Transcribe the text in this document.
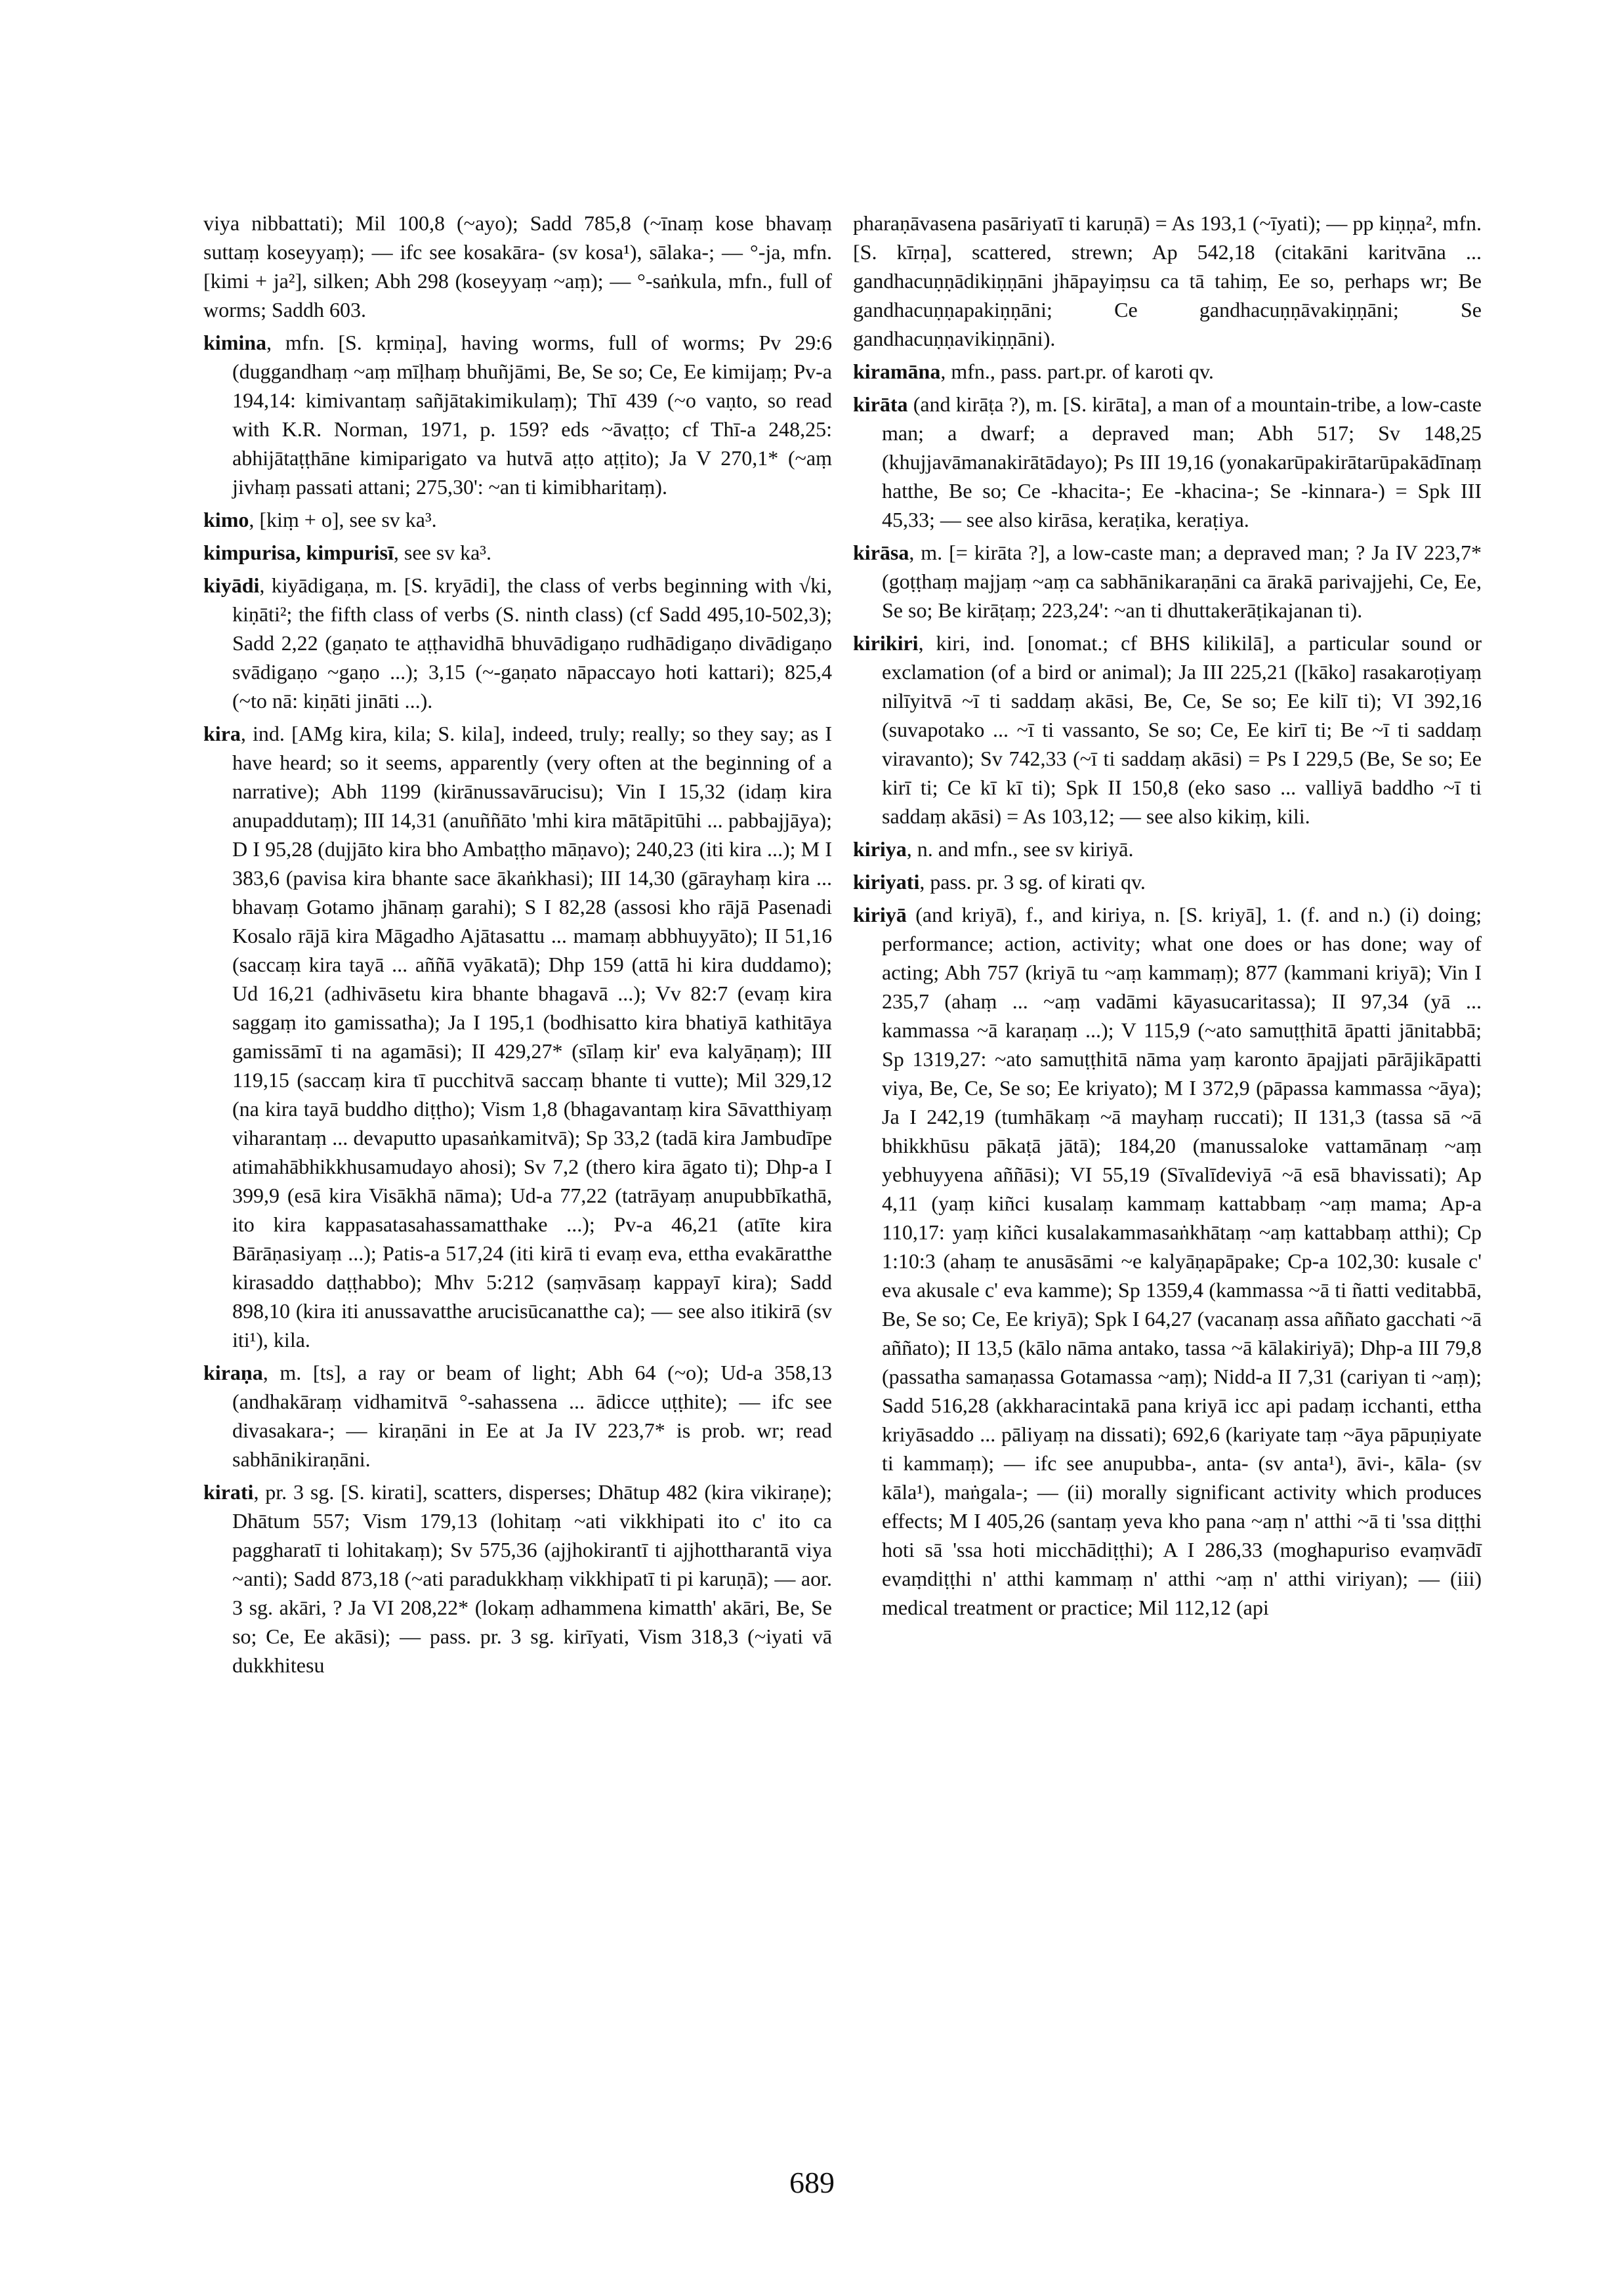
viya nibbattati); Mil 100,8 (~ayo); Sadd 785,8 (~īnaṃ kose bhavaṃ suttaṃ koseyyaṃ); — ifc see kosakāra- (sv kosa¹), sālaka-; — °-ja, mfn. [kimi + ja²], silken; Abh 298 (koseyyaṃ ~aṃ); — °-saṅkula, mfn., full of worms; Saddh 603.

kimina, mfn. [S. kṛmiṇa], having worms, full of worms; Pv 29:6 (duggandhaṃ ~aṃ mīḷhaṃ bhuñjāmi, Be, Se so; Ce, Ee kimijaṃ; Pv-a 194,14: kimivantaṃ sañjātakimikulaṃ); Thī 439 (~o vaṇto, so read with K.R. Norman, 1971, p. 159? eds ~āvaṭṭo; cf Thī-a 248,25: abhijātaṭṭhāne kimiparigato va hutvā aṭṭo aṭṭito); Ja V 270,1* (~aṃ jivhaṃ passati attani; 275,30': ~an ti kimibharitaṃ).

kimo, [kiṃ + o], see sv ka³.

kimpurisa, kimpurisī, see sv ka³.

kiyādi, kiyādigaṇa, m. [S. kryādi], the class of verbs beginning with √ki, kiṇāti²; the fifth class of verbs (S. ninth class) (cf Sadd 495,10-502,3); Sadd 2,22 (gaṇato te aṭṭhavidhā bhuvādigaṇo rudhādigaṇo divādigaṇo svādigaṇo ~gaṇo ...); 3,15 (~-gaṇato nāpaccayo hoti kattari); 825,4 (~to nā: kiṇāti jināti ...).

kira, ind. [AMg kira, kila; S. kila], indeed, truly; really; so they say; as I have heard; so it seems, apparently (very often at the beginning of a narrative); Abh 1199 (kirānussavārucisu); Vin I 15,32 (idaṃ kira anupaddutaṃ); III 14,31 (anuññāto 'mhi kira mātāpitūhi ... pabbajjāya); D I 95,28 (dujjāto kira bho Ambaṭṭho māṇavo); 240,23 (iti kira ...); M I 383,6 (pavisa kira bhante sace ākaṅkhasi); III 14,30 (gārayhaṃ kira ... bhavaṃ Gotamo jhānaṃ garahi); S I 82,28 (assosi kho rājā Pasenadi Kosalo rājā kira Māgadho Ajātasattu ... mamaṃ abbhuyyāto); II 51,16 (saccaṃ kira tayā ... aññā vyākatā); Dhp 159 (attā hi kira duddamo); Ud 16,21 (adhivāsetu kira bhante bhagavā ...); Vv 82:7 (evaṃ kira saggaṃ ito gamissatha); Ja I 195,1 (bodhisatto kira bhatiyā kathitāya gamissāmī ti na agamāsi); II 429,27* (sīlaṃ kir' eva kalyāṇaṃ); III 119,15 (saccaṃ kira tī pucchitvā saccaṃ bhante ti vutte); Mil 329,12 (na kira tayā buddho diṭṭho); Vism 1,8 (bhagavantaṃ kira Sāvatthiyaṃ viharantaṃ ... devaputto upasaṅkamitvā); Sp 33,2 (tadā kira Jambudīpe atimahābhikkhusamudayo ahosi); Sv 7,2 (thero kira āgato ti); Dhp-a I 399,9 (esā kira Visākhā nāma); Ud-a 77,22 (tatrāyaṃ anupubbīkathā, ito kira kappasatasahassamatthake ...); Pv-a 46,21 (atīte kira Bārāṇasiyaṃ ...); Patis-a 517,24 (iti kirā ti evaṃ eva, ettha evakāratthe kirasaddo daṭṭhabbo); Mhv 5:212 (saṃvāsaṃ kappayī kira); Sadd 898,10 (kira iti anussavatthe arucisūcanatthe ca); — see also itikirā (sv iti¹), kila.

kiraṇa, m. [ts], a ray or beam of light; Abh 64 (~o); Ud-a 358,13 (andhakāraṃ vidhamitvā °-sahassena ... ādicce uṭṭhite); — ifc see divasakara-; — kiraṇāni in Ee at Ja IV 223,7* is prob. wr; read sabhānikiraṇāni.

kirati, pr. 3 sg. [S. kirati], scatters, disperses; Dhātup 482 (kira vikiraṇe); Dhātum 557; Vism 179,13 (lohitaṃ ~ati vikkhipati ito c' ito ca paggharatī ti lohitakaṃ); Sv 575,36 (ajjhokirantī ti ajjhottharantā viya ~anti); Sadd 873,18 (~ati paradukkhaṃ vikkhipatī ti pi karuṇā); — aor. 3 sg. akāri, ? Ja VI 208,22* (lokaṃ adhammena kimatth' akāri, Be, Se so; Ce, Ee akāsi); — pass. pr. 3 sg. kirīyati, Vism 318,3 (~iyati vā dukkhitesu

pharaṇāvasena pasāriyatī ti karuṇā) = As 193,1 (~īyati); — pp kiṇṇa², mfn. [S. kīrṇa], scattered, strewn; Ap 542,18 (citakāni karitvāna ... gandhacuṇṇādikiṇṇāni jhāpayiṃsu ca tā tahiṃ, Ee so, perhaps wr; Be gandhacuṇṇapakiṇṇāni; Ce gandhacuṇṇāvakiṇṇāni; Se gandhacuṇṇavikiṇṇāni).

kiramāna, mfn., pass. part.pr. of karoti qv.

kirāta (and kirāṭa ?), m. [S. kirāta], a man of a mountain-tribe, a low-caste man; a dwarf; a depraved man; Abh 517; Sv 148,25 (khujjavāmanakirātādayo); Ps III 19,16 (yonakarūpakirātarūpakādīnaṃ hatthe, Be so; Ce -khacita-; Ee -khacina-; Se -kinnara-) = Spk III 45,33; — see also kirāsa, keraṭika, keraṭiya.

kirāsa, m. [= kirāta ?], a low-caste man; a depraved man; ? Ja IV 223,7* (goṭṭhaṃ majjaṃ ~aṃ ca sabhānikaraṇāni ca ārakā parivajjehi, Ce, Ee, Se so; Be kirāṭaṃ; 223,24': ~an ti dhuttakerāṭikajanan ti).

kirikiri, kiri, ind. [onomat.; cf BHS kilikilā], a particular sound or exclamation (of a bird or animal); Ja III 225,21 ([kāko] rasakaroṭiyaṃ nilīyitvā ~ī ti saddaṃ akāsi, Be, Ce, Se so; Ee kilī ti); VI 392,16 (suvapotako ... ~ī ti vassanto, Se so; Ce, Ee kirī ti; Be ~ī ti saddaṃ viravanto); Sv 742,33 (~ī ti saddaṃ akāsi) = Ps I 229,5 (Be, Se so; Ee kirī ti; Ce kī kī ti); Spk II 150,8 (eko saso ... valliyā baddho ~ī ti saddaṃ akāsi) = As 103,12; — see also kikiṃ, kili.

kiriya, n. and mfn., see sv kiriyā.

kiriyati, pass. pr. 3 sg. of kirati qv.

kiriyā (and kriyā), f., and kiriya, n. [S. kriyā], 1. (f. and n.) (i) doing; performance; action, activity; what one does or has done; way of acting; Abh 757 (kriyā tu ~aṃ kammaṃ); 877 (kammani kriyā); Vin I 235,7 (ahaṃ ... ~aṃ vadāmi kāyasucaritassa); II 97,34 (yā ... kammassa ~ā karaṇaṃ ...); V 115,9 (~ato samuṭṭhitā āpatti jānitabbā; Sp 1319,27: ~ato samuṭṭhitā nāma yaṃ karonto āpajjati pārājikāpatti viya, Be, Ce, Se so; Ee kriyato); M I 372,9 (pāpassa kammassa ~āya); Ja I 242,19 (tumhākaṃ ~ā mayhaṃ ruccati); II 131,3 (tassa sā ~ā bhikkhūsu pākaṭā jātā); 184,20 (manussaloke vattamānaṃ ~aṃ yebhuyyena aññāsi); VI 55,19 (Sīvalīdeviyā ~ā esā bhavissati); Ap 4,11 (yaṃ kiñci kusalaṃ kammaṃ kattabbaṃ ~aṃ mama; Ap-a 110,17: yaṃ kiñci kusalakammasaṅkhātaṃ ~aṃ kattabbaṃ atthi); Cp 1:10:3 (ahaṃ te anusāsāmi ~e kalyāṇapāpake; Cp-a 102,30: kusale c' eva akusale c' eva kamme); Sp 1359,4 (kammassa ~ā ti ñatti veditabbā, Be, Se so; Ce, Ee kriyā); Spk I 64,27 (vacanaṃ assa aññato gacchati ~ā aññato); II 13,5 (kālo nāma antako, tassa ~ā kālakiriyā); Dhp-a III 79,8 (passatha samaṇassa Gotamassa ~aṃ); Nidd-a II 7,31 (cariyan ti ~aṃ); Sadd 516,28 (akkharacintakā pana kriyā icc api padaṃ icchanti, ettha kriyāsaddo ... pāliyaṃ na dissati); 692,6 (kariyate taṃ ~āya pāpuṇiyate ti kammaṃ); — ifc see anupubba-, anta- (sv anta¹), āvi-, kāla- (sv kāla¹), maṅgala-; — (ii) morally significant activity which produces effects; M I 405,26 (santaṃ yeva kho pana ~aṃ n' atthi ~ā ti 'ssa diṭṭhi hoti sā 'ssa hoti micchādiṭṭhi); A I 286,33 (moghapuriso evaṃvādī evaṃdiṭṭhi n' atthi kammaṃ n' atthi ~aṃ n' atthi viriyan); — (iii) medical treatment or practice; Mil 112,12 (api

689
